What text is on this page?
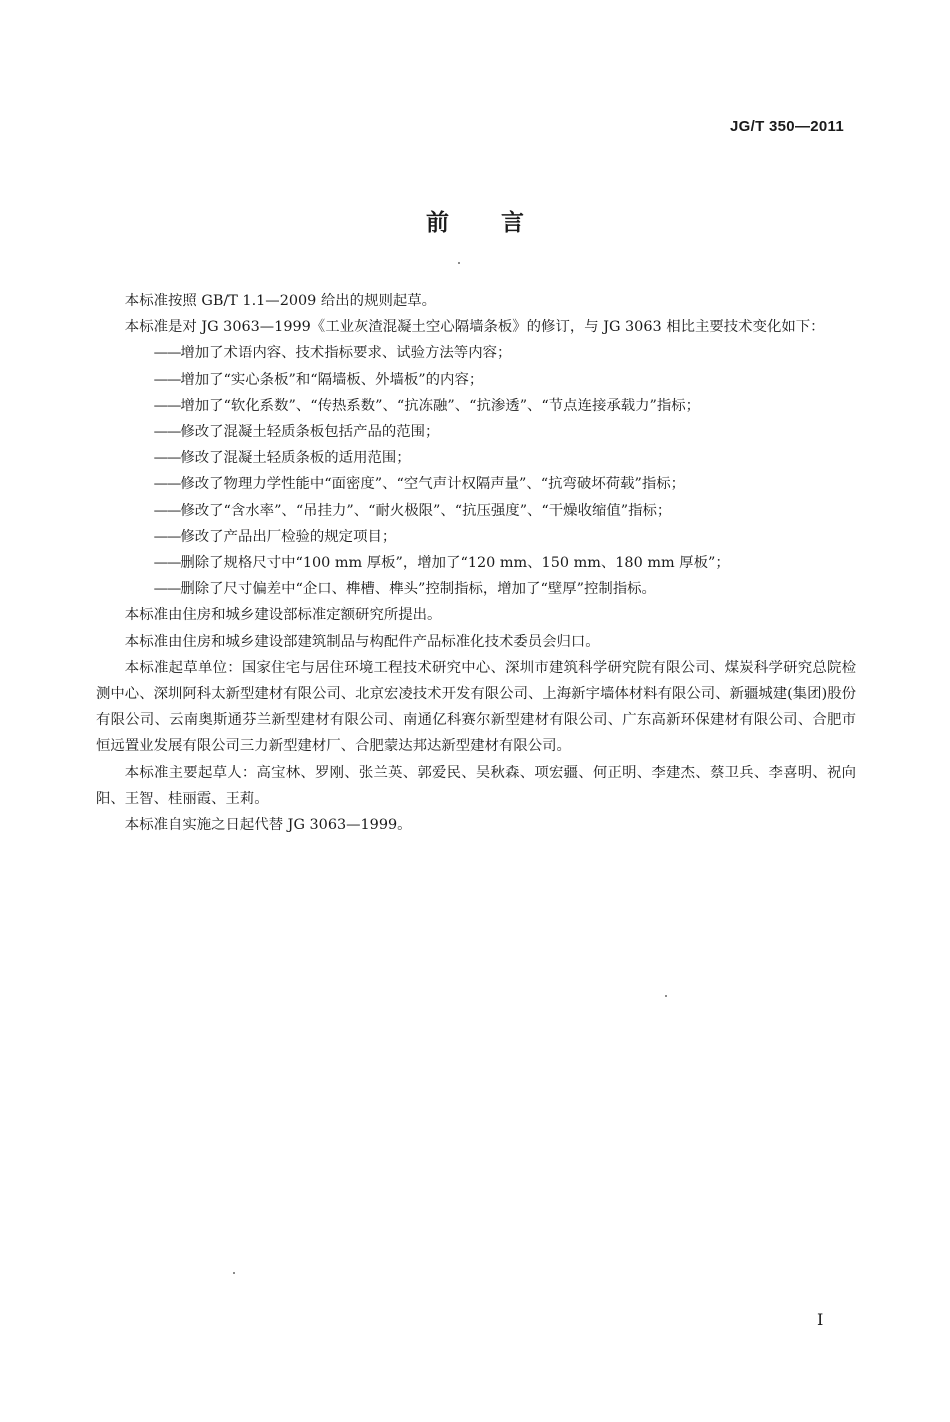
JG/T 350—2011
前言

本标准按照 GB/T 1.1—2009 给出的规则起草。

本标准是对 JG 3063—1999《工业灰渣混凝土空心隔墙条板》的修订，与 JG 3063 相比主要技术变化如下：

——增加了术语内容、技术指标要求、试验方法等内容；

——增加了“实心条板”和“隔墙板、外墙板”的内容；

——增加了“软化系数”、“传热系数”、“抗冻融”、“抗渗透”、“节点连接承载力”指标；

——修改了混凝土轻质条板包括产品的范围；

——修改了混凝土轻质条板的适用范围；

——修改了物理力学性能中“面密度”、“空气声计权隔声量”、“抗弯破坏荷载”指标；

——修改了“含水率”、“吊挂力”、“耐火极限”、“抗压强度”、“干燥收缩值”指标；

——修改了产品出厂检验的规定项目；

——删除了规格尺寸中“100 mm 厚板”，增加了“120 mm、150 mm、180 mm 厚板”；

——删除了尺寸偏差中“企口、榫槽、榫头”控制指标，增加了“壁厚”控制指标。

本标准由住房和城乡建设部标准定额研究所提出。

本标准由住房和城乡建设部建筑制品与构配件产品标准化技术委员会归口。

本标准起草单位：国家住宅与居住环境工程技术研究中心、深圳市建筑科学研究院有限公司、煤炭科学研究总院检测中心、深圳阿科太新型建材有限公司、北京宏凌技术开发有限公司、上海新宇墙体材料有限公司、新疆城建(集团)股份有限公司、云南奥斯通芬兰新型建材有限公司、南通亿科赛尔新型建材有限公司、广东高新环保建材有限公司、合肥市恒远置业发展有限公司三力新型建材厂、合肥蒙达邦达新型建材有限公司。

本标准主要起草人：高宝林、罗刚、张兰英、郭爱民、吴秋森、项宏疆、何正明、李建杰、蔡卫兵、李喜明、祝向阳、王智、桂丽霞、王莉。

本标准自实施之日起代替 JG 3063—1999。

I
